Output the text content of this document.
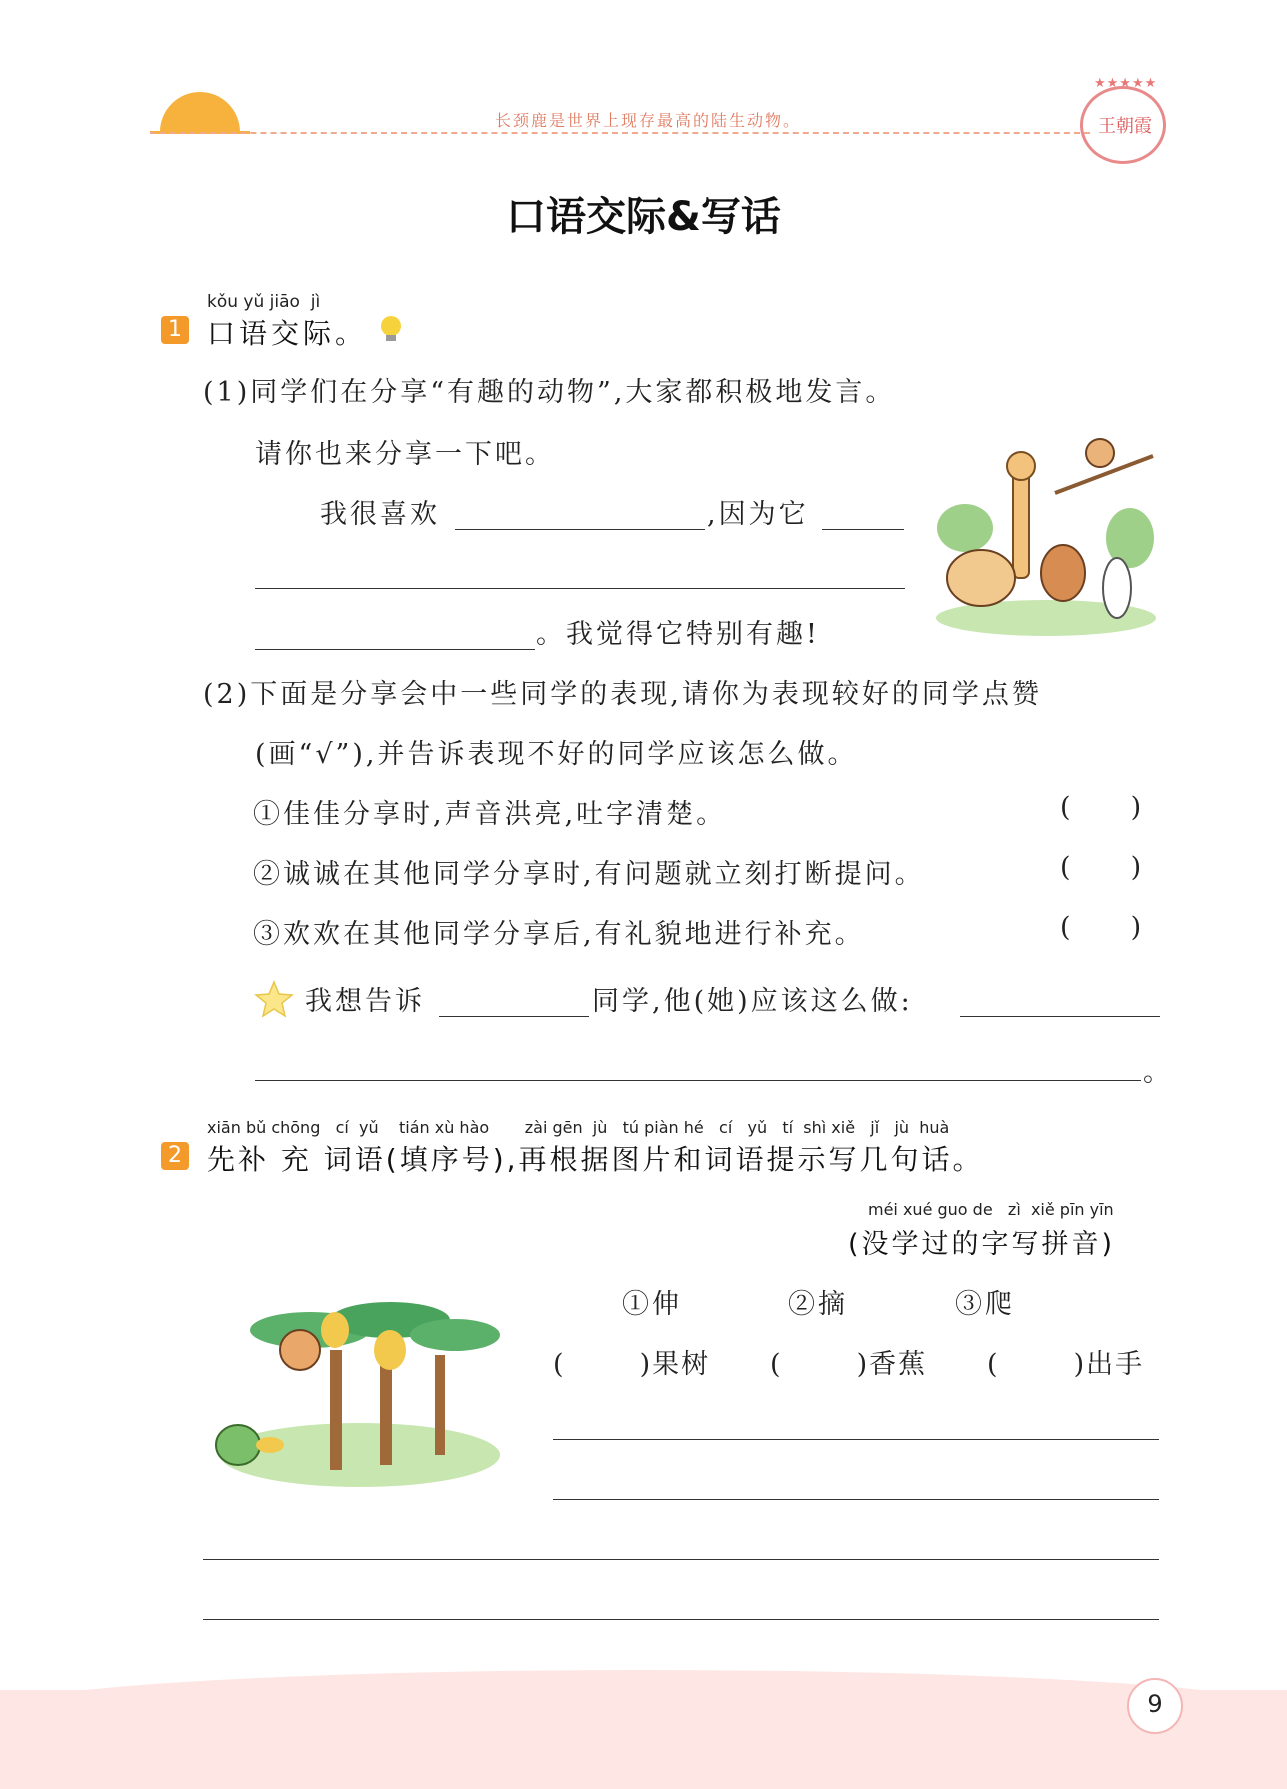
长颈鹿是世界上现存最高的陆生动物。
★★★★★
王朝霞
口语交际&写话
kǒu yǔ jiāo  jì
1 口语交际。
(1)同学们在分享“有趣的动物”,大家都积极地发言。
请你也来分享一下吧。
我很喜欢	,因为它
。我觉得它特别有趣!
(2)下面是分享会中一些同学的表现,请你为表现较好的同学点赞
(画“√”),并告诉表现不好的同学应该怎么做。
①佳佳分享时,声音洪亮,吐字清楚。	(       )
②诚诚在其他同学分享时,有问题就立刻打断提问。	(       )
③欢欢在其他同学分享后,有礼貌地进行补充。	(       )
我想告诉	同学,他(她)应该这么做:
。
xiān bǔ chōng   cí  yǔ    tián xù hào       zài gēn  jù   tú piàn hé   cí   yǔ   tí  shì xiě   jǐ   jù  huà
2 先补 充 词语(填序号),再根据图片和词语提示写几句话。
méi xué guo de   zì  xiě pīn yīn
(没学过的字写拼音)
①伸	②摘	③爬
(       )果树 (       )香蕉 (       )出手
9
